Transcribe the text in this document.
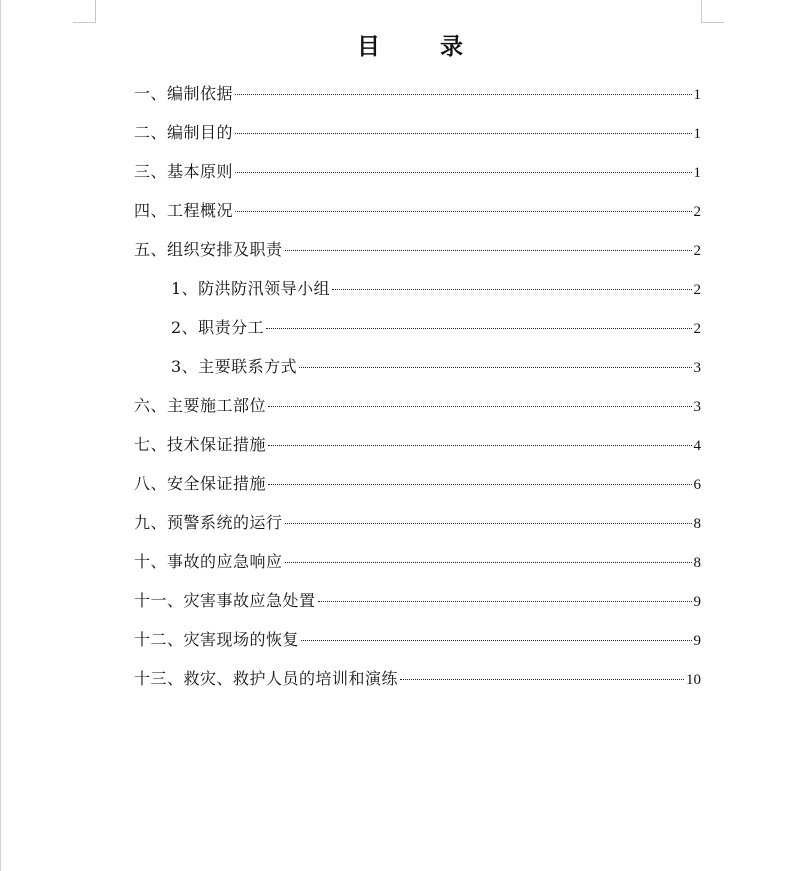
目 录
一、编制依据	1
二、编制目的	1
三、基本原则	1
四、工程概况	2
五、组织安排及职责	2
1、防洪防汛领导小组	2
2、职责分工	2
3、主要联系方式	3
六、主要施工部位	3
七、技术保证措施	4
八、安全保证措施	6
九、预警系统的运行	8
十、事故的应急响应	8
十一、灾害事故应急处置	9
十二、灾害现场的恢复	9
十三、救灾、救护人员的培训和演练	10
